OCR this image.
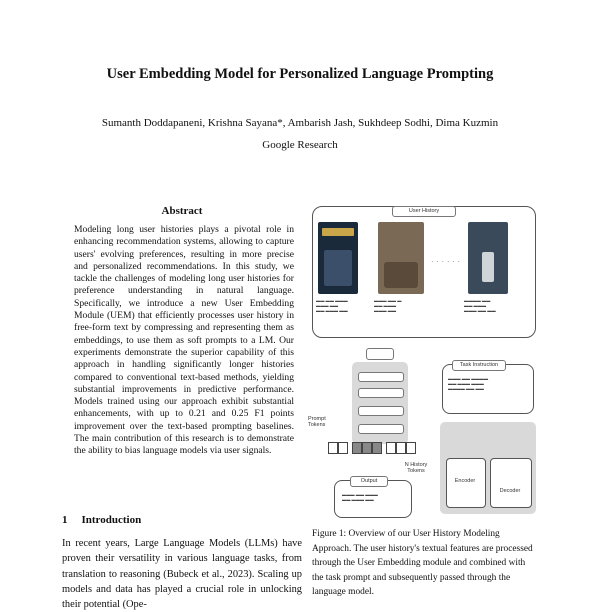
User Embedding Model for Personalized Language Prompting
Sumanth Doddapaneni, Krishna Sayana*, Ambarish Jash, Sukhdeep Sodhi, Dima Kuzmin
Google Research
Abstract
Modeling long user histories plays a pivotal role in enhancing recommendation systems, allowing to capture users' evolving preferences, resulting in more precise and personalized recommendations. In this study, we tackle the challenges of modeling long user histories for preference understanding in natural language. Specifically, we introduce a new User Embedding Module (UEM) that efficiently processes user history in free-form text by compressing and representing them as embeddings, to use them as soft prompts to a LM. Our experiments demonstrate the superior capability of this approach in handling significantly longer histories compared to conventional text-based methods, yielding substantial improvements in predictive performance. Models trained using our approach exhibit substantial enhancements, with up to 0.21 and 0.25 F1 points improvement over the text-based prompting baselines. The main contribution of this research is to demonstrate the ability to bias language models via user signals.
1 Introduction
In recent years, Large Language Models (LLMs) have proven their versatility in various language tasks, from translation to reasoning (Bubeck et al., 2023). Scaling up models and data has played a crucial role in unlocking their potential (Ope-
User History
. . . . . .
▬▬ ▬▬ ▬▬▬
▬▬▬ ▬▬
▬▬ ▬▬▬ ▬▬
▬▬▬ ▬▬ ▬
▬▬ ▬▬▬
▬▬▬ ▬▬
▬▬▬▬ ▬▬
▬▬ ▬▬▬
▬▬▬ ▬▬ ▬▬
Task Instruction
▬▬▬ ▬▬ ▬▬▬▬
▬▬ ▬▬▬ ▬▬▬
▬▬▬▬ ▬▬ ▬▬
Prompt Tokens
N History Tokens
Encoder
Decoder
Output
▬▬▬ ▬▬ ▬▬▬
▬▬ ▬▬▬ ▬▬
Figure 1: Overview of our User History Modeling Approach. The user history's textual features are processed through the User Embedding module and combined with the task prompt and subsequently passed through the language model.
